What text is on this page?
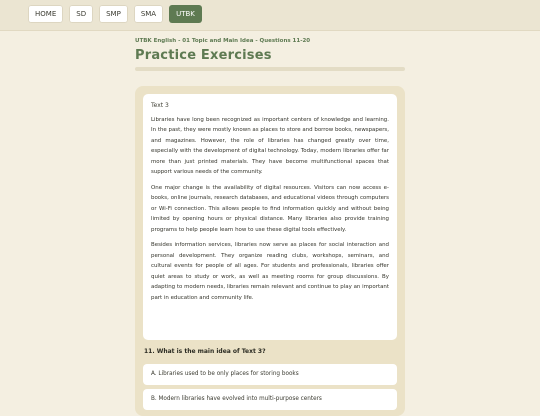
HOME	SD	SMP	SMA	UTBK
UTBK English - 01 Topic and Main Idea - Questions 11-20
Practice Exercises
Text 3

Libraries have long been recognized as important centers of knowledge and learning. In the past, they were mostly known as places to store and borrow books, newspapers, and magazines. However, the role of libraries has changed greatly over time, especially with the development of digital technology. Today, modern libraries offer far more than just printed materials. They have become multifunctional spaces that support various needs of the community.

One major change is the availability of digital resources. Visitors can now access e-books, online journals, research databases, and educational videos through computers or Wi-Fi connection. This allows people to find information quickly and without being limited by opening hours or physical distance. Many libraries also provide training programs to help people learn how to use these digital tools effectively.

Besides information services, libraries now serve as places for social interaction and personal development. They organize reading clubs, workshops, seminars, and cultural events for people of all ages. For students and professionals, libraries offer quiet areas to study or work, as well as meeting rooms for group discussions. By adapting to modern needs, libraries remain relevant and continue to play an important part in education and community life.

11. What is the main idea of Text 3?
A. Libraries used to be only places for storing books
B. Modern libraries have evolved into multi-purpose centers
